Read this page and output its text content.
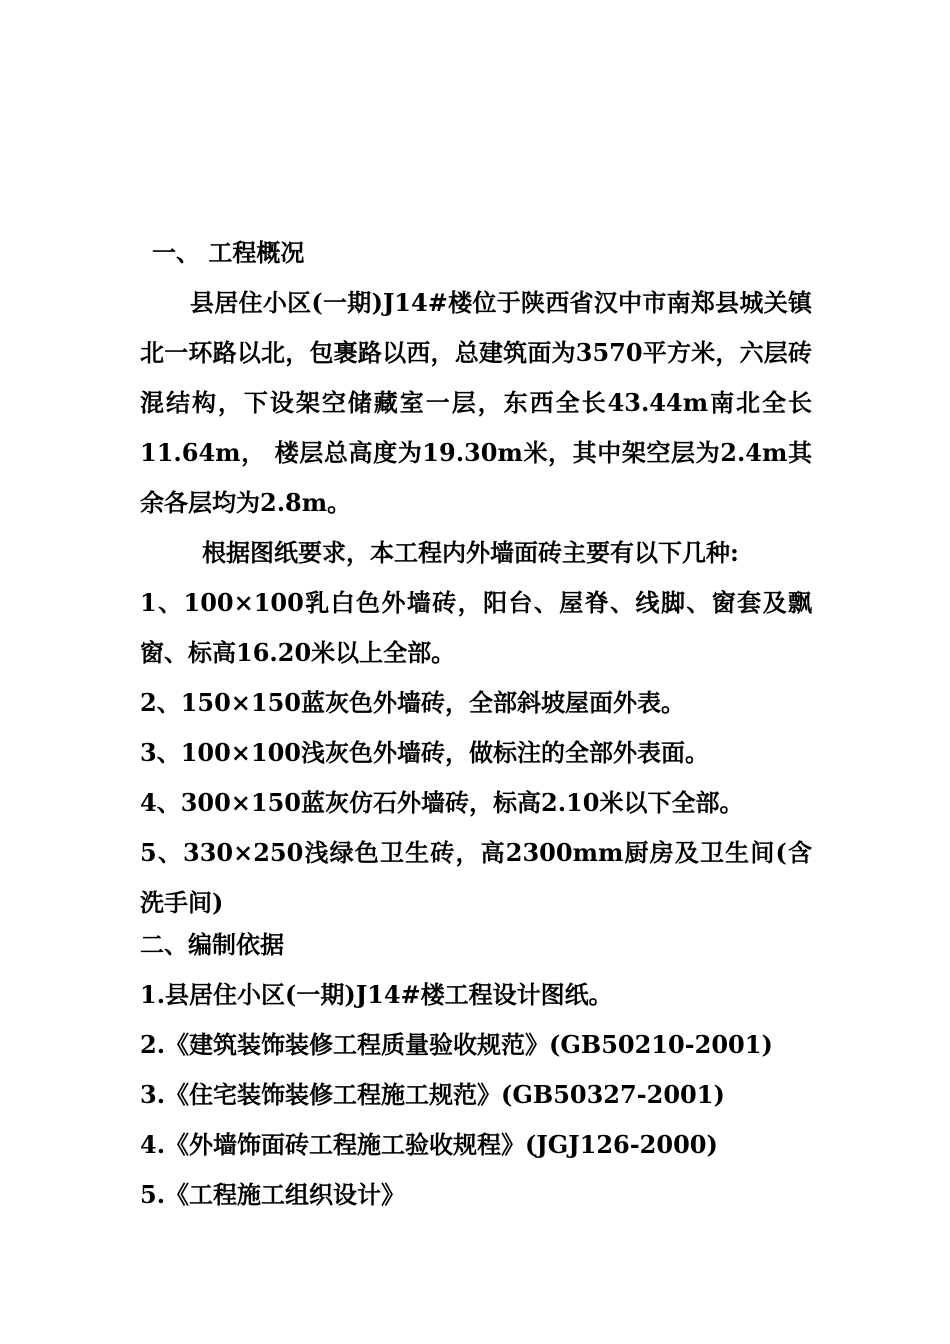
一、 工程概况
县居住小区(一期)J14#楼位于陕西省汉中市南郑县城关镇北一环路以北，包裹路以西，总建筑面为3570平方米，六层砖混结构，下设架空储藏室一层，东西全长43.44m南北全长11.64m， 楼层总高度为19.30m米，其中架空层为2.4m其余各层均为2.8m。
根据图纸要求，本工程内外墙面砖主要有以下几种:
1、100×100乳白色外墙砖，阳台、屋脊、线脚、窗套及飘窗、标高16.20米以上全部。
2、150×150蓝灰色外墙砖，全部斜坡屋面外表。
3、100×100浅灰色外墙砖，做标注的全部外表面。
4、300×150蓝灰仿石外墙砖，标高2.10米以下全部。
5、330×250浅绿色卫生砖，高2300mm厨房及卫生间(含洗手间)
二、编制依据
1.县居住小区(一期)J14#楼工程设计图纸。
2.《建筑装饰装修工程质量验收规范》(GB50210-2001)
3.《住宅装饰装修工程施工规范》(GB50327-2001)
4.《外墙饰面砖工程施工验收规程》(JGJ126-2000)
5.《工程施工组织设计》
